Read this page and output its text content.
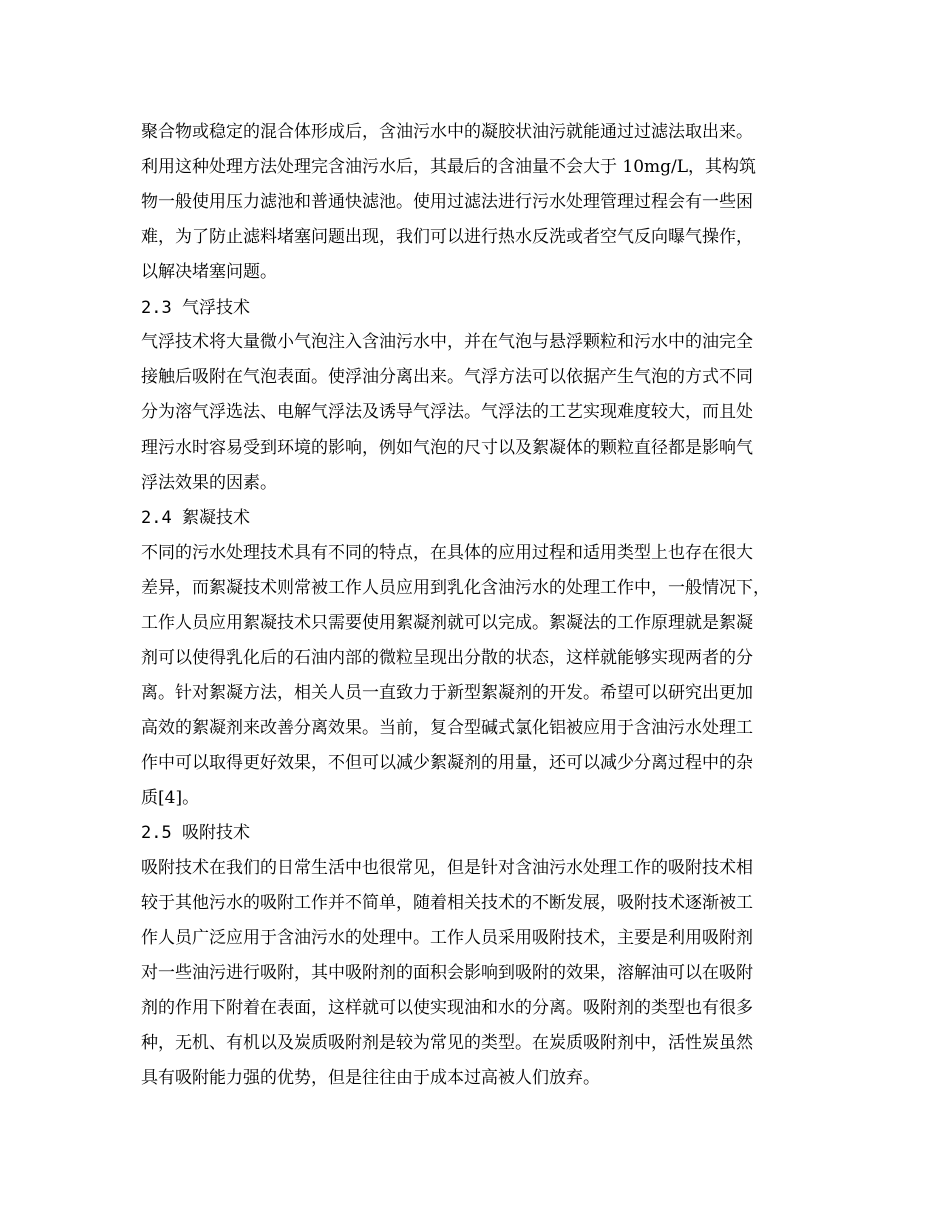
聚合物或稳定的混合体形成后，含油污水中的凝胶状油污就能通过过滤法取出来。
利用这种处理方法处理完含油污水后，其最后的含油量不会大于 10mg/L，其构筑
物一般使用压力滤池和普通快滤池。使用过滤法进行污水处理管理过程会有一些困
难，为了防止滤料堵塞问题出现，我们可以进行热水反洗或者空气反向曝气操作，
以解决堵塞问题。
2.3 气浮技术
气浮技术将大量微小气泡注入含油污水中，并在气泡与悬浮颗粒和污水中的油完全
接触后吸附在气泡表面。使浮油分离出来。气浮方法可以依据产生气泡的方式不同
分为溶气浮选法、电解气浮法及诱导气浮法。气浮法的工艺实现难度较大，而且处
理污水时容易受到环境的影响，例如气泡的尺寸以及絮凝体的颗粒直径都是影响气
浮法效果的因素。
2.4 絮凝技术
不同的污水处理技术具有不同的特点，在具体的应用过程和适用类型上也存在很大
差异，而絮凝技术则常被工作人员应用到乳化含油污水的处理工作中，一般情况下，
工作人员应用絮凝技术只需要使用絮凝剂就可以完成。絮凝法的工作原理就是絮凝
剂可以使得乳化后的石油内部的微粒呈现出分散的状态，这样就能够实现两者的分
离。针对絮凝方法，相关人员一直致力于新型絮凝剂的开发。希望可以研究出更加
高效的絮凝剂来改善分离效果。当前，复合型碱式氯化铝被应用于含油污水处理工
作中可以取得更好效果，不但可以减少絮凝剂的用量，还可以减少分离过程中的杂
质[4]。
2.5 吸附技术
吸附技术在我们的日常生活中也很常见，但是针对含油污水处理工作的吸附技术相
较于其他污水的吸附工作并不简单，随着相关技术的不断发展，吸附技术逐渐被工
作人员广泛应用于含油污水的处理中。工作人员采用吸附技术，主要是利用吸附剂
对一些油污进行吸附，其中吸附剂的面积会影响到吸附的效果，溶解油可以在吸附
剂的作用下附着在表面，这样就可以使实现油和水的分离。吸附剂的类型也有很多
种，无机、有机以及炭质吸附剂是较为常见的类型。在炭质吸附剂中，活性炭虽然
具有吸附能力强的优势，但是往往由于成本过高被人们放弃。
